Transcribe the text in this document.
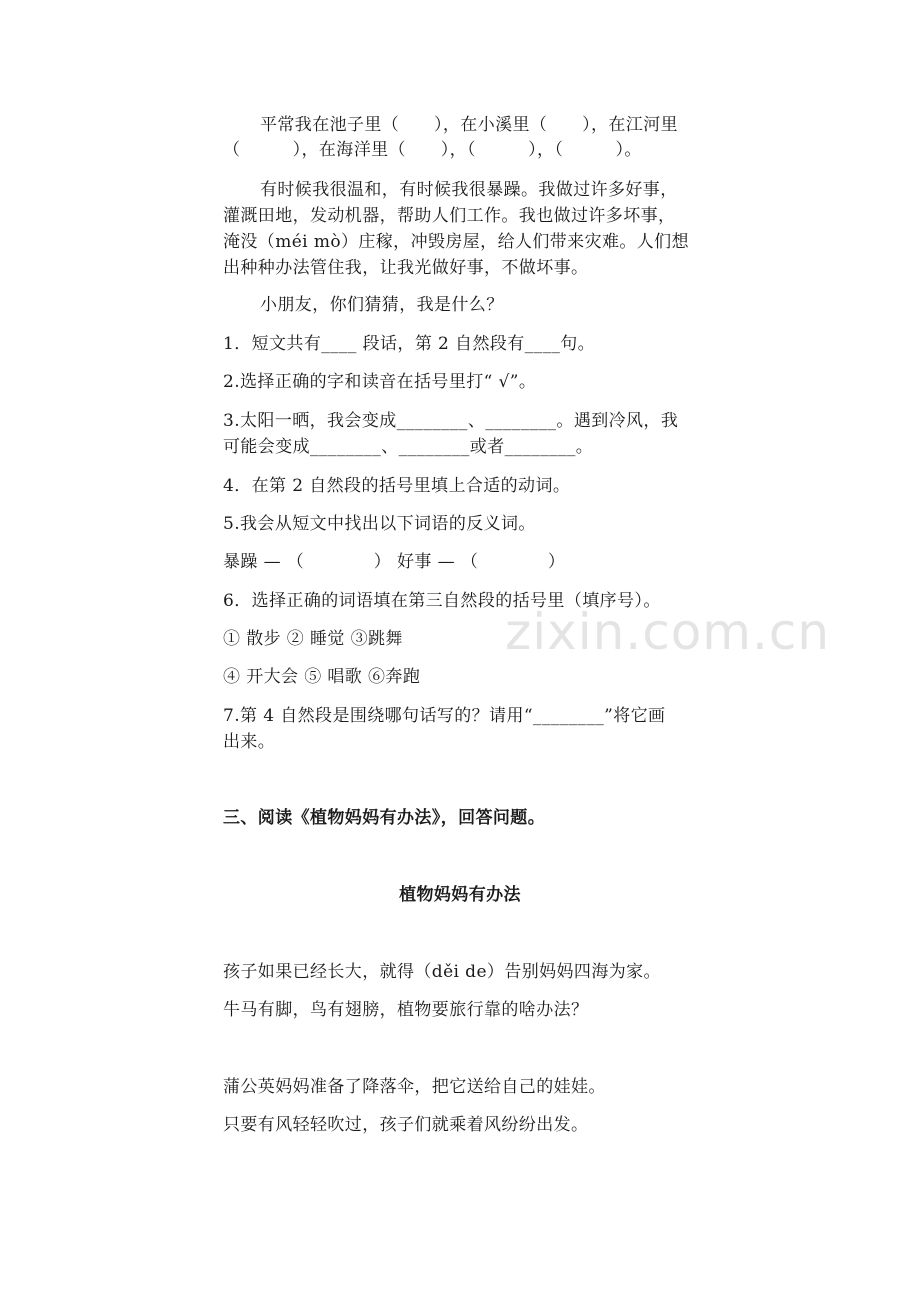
平常我在池子里（　　），在小溪里（　　），在江河里

（　　　），在海洋里（　　），（　　　），（　　　）。

有时候我很温和，有时候我很暴躁。我做过许多好事，

灌溉田地，发动机器，帮助人们工作。我也做过许多坏事，

淹没（méi mò）庄稼，冲毁房屋，给人们带来灾难。人们想

出种种办法管住我，让我光做好事，不做坏事。

小朋友，你们猜猜，我是什么？

1．短文共有____ 段话，第 2 自然段有____句。

2.选择正确的字和读音在括号里打“ √”。

3.太阳一晒，我会变成________、________。遇到冷风，我

可能会变成________、________或者________。

4．在第 2 自然段的括号里填上合适的动词。

5.我会从短文中找出以下词语的反义词。

暴躁 — （　　　　） 好事 — （　　　　）

6．选择正确的词语填在第三自然段的括号里（填序号）。

① 散步 ② 睡觉 ③跳舞

④ 开大会 ⑤ 唱歌 ⑥奔跑

7.第 4 自然段是围绕哪句话写的？请用“________”将它画

出来。

三、阅读《植物妈妈有办法》，回答问题。

植物妈妈有办法

孩子如果已经长大，就得（děi de）告别妈妈四海为家。

牛马有脚，鸟有翅膀，植物要旅行靠的啥办法？

蒲公英妈妈准备了降落伞，把它送给自己的娃娃。

只要有风轻轻吹过，孩子们就乘着风纷纷出发。

zixin.com.cn
